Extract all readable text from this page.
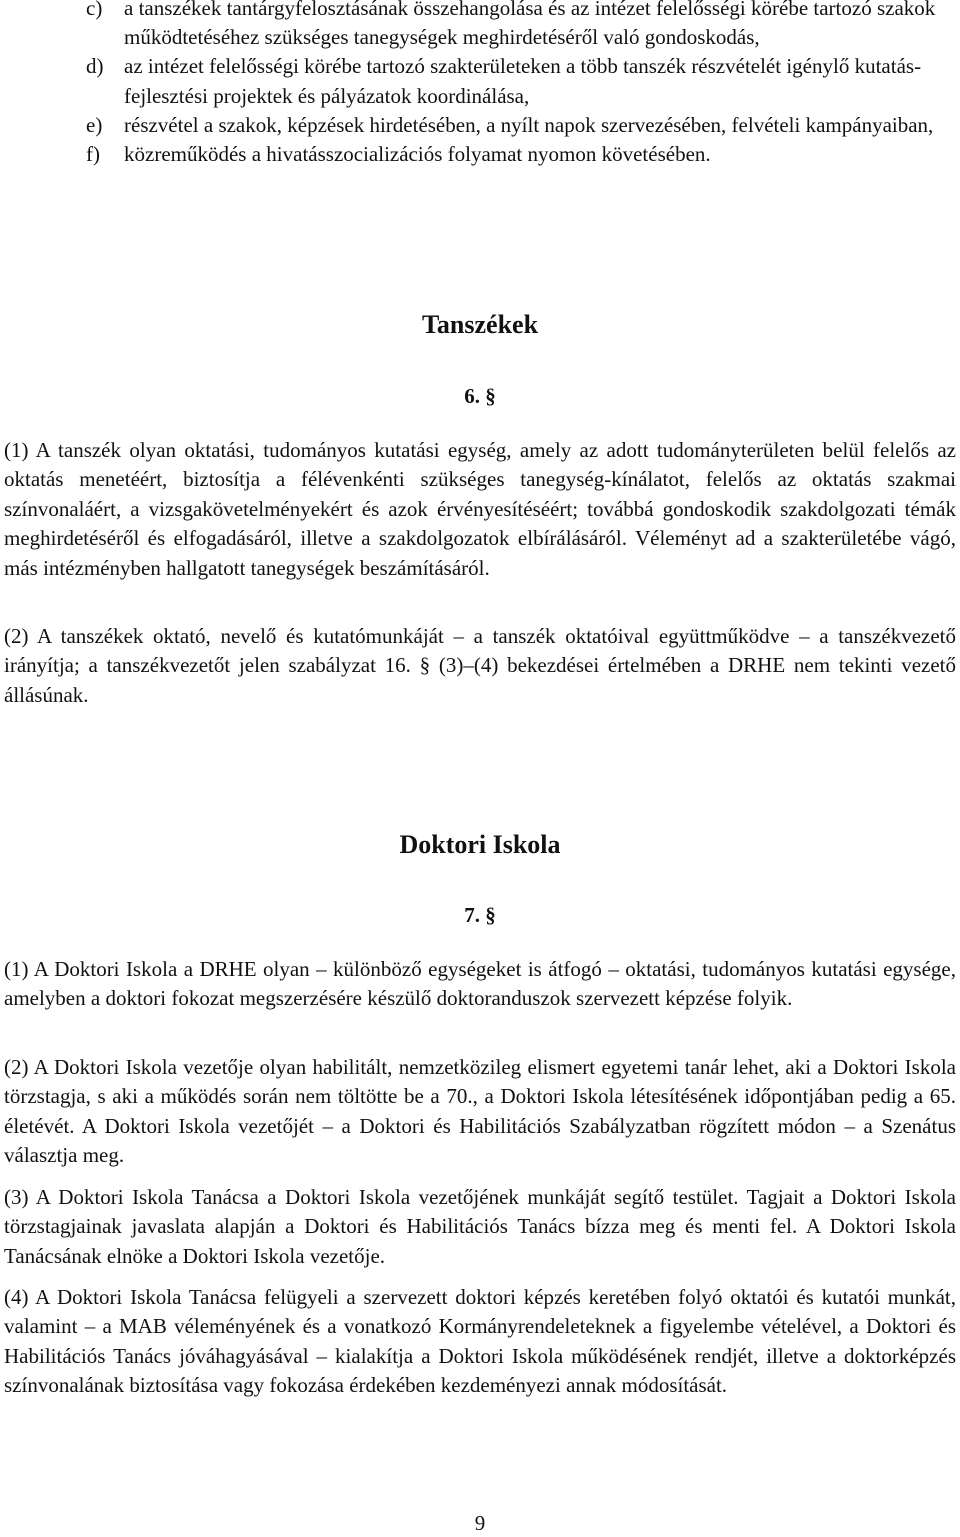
c) a tanszékek tantárgyfelosztásának összehangolása és az intézet felelősségi körébe tartozó szakok működtetéséhez szükséges tanegységek meghirdetéséről való gondoskodás,
d) az intézet felelősségi körébe tartozó szakterületeken a több tanszék részvételét igénylő kutatás-fejlesztési projektek és pályázatok koordinálása,
e) részvétel a szakok, képzések hirdetésében, a nyílt napok szervezésében, felvételi kampányaiban,
f) közreműködés a hivatásszocializációs folyamat nyomon követésében.
Tanszékek
6. §

(1) A tanszék olyan oktatási, tudományos kutatási egység, amely az adott tudományterületen belül felelős az oktatás menetéért, biztosítja a félévenkénti szükséges tanegység-kínálatot, felelős az oktatás szakmai színvonaláért, a vizsgakövetelményekért és azok érvényesítéséért; továbbá gondoskodik szakdolgozati témák meghirdetéséről és elfogadásáról, illetve a szakdolgozatok elbírálásáról. Véleményt ad a szakterületébe vágó, más intézményben hallgatott tanegységek beszámításáról.

(2) A tanszékek oktató, nevelő és kutatómunkáját – a tanszék oktatóival együttműködve – a tanszékvezető irányítja; a tanszékvezetőt jelen szabályzat 16. § (3)–(4) bekezdései értelmében a DRHE nem tekinti vezető állásúnak.

Doktori Iskola
7. §

(1) A Doktori Iskola a DRHE olyan – különböző egységeket is átfogó – oktatási, tudományos kutatási egysége, amelyben a doktori fokozat megszerzésére készülő doktoranduszok szervezett képzése folyik.

(2) A Doktori Iskola vezetője olyan habilitált, nemzetközileg elismert egyetemi tanár lehet, aki a Doktori Iskola törzstagja, s aki a működés során nem töltötte be a 70., a Doktori Iskola létesítésének időpontjában pedig a 65. életévét. A Doktori Iskola vezetőjét – a Doktori és Habilitációs Szabályzatban rögzített módon – a Szenátus választja meg.

(3) A Doktori Iskola Tanácsa a Doktori Iskola vezetőjének munkáját segítő testület. Tagjait a Doktori Iskola törzstagjainak javaslata alapján a Doktori és Habilitációs Tanács bízza meg és menti fel. A Doktori Iskola Tanácsának elnöke a Doktori Iskola vezetője.

(4) A Doktori Iskola Tanácsa felügyeli a szervezett doktori képzés keretében folyó oktatói és kutatói munkát, valamint – a MAB véleményének és a vonatkozó Kormányrendeleteknek a figyelembe vételével, a Doktori és Habilitációs Tanács jóváhagyásával – kialakítja a Doktori Iskola működésének rendjét, illetve a doktorképzés színvonalának biztosítása vagy fokozása érdekében kezdeményezi annak módosítását.

9
